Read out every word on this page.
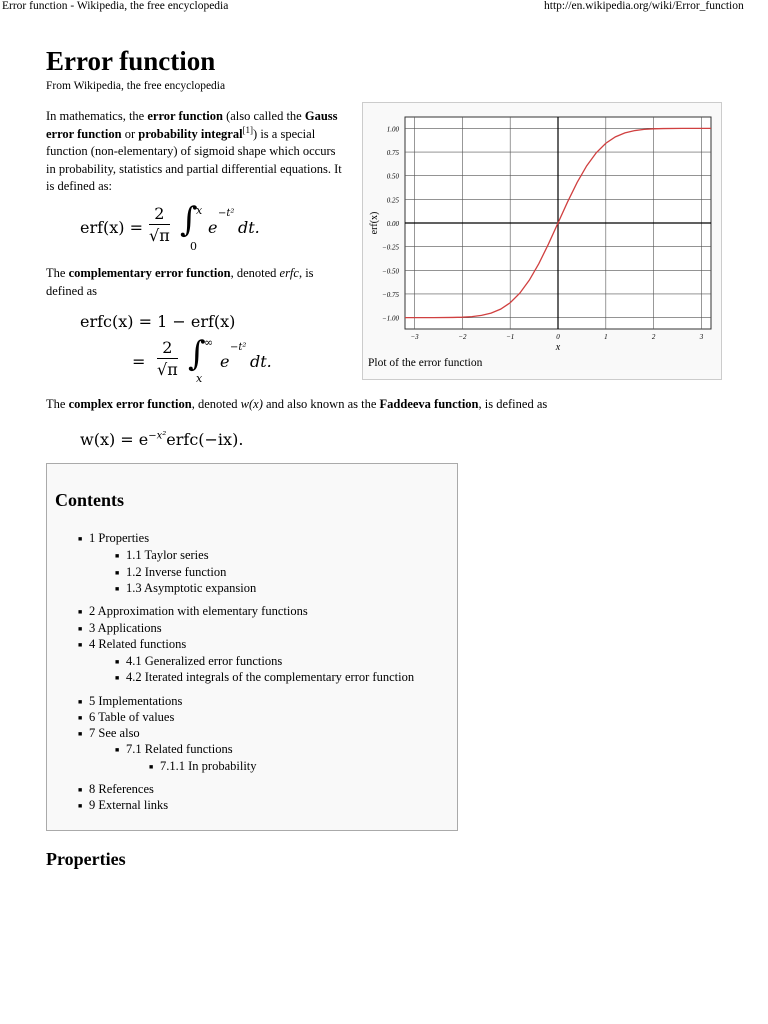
Error function - Wikipedia, the free encyclopedia	http://en.wikipedia.org/wiki/Error_function
Error function
From Wikipedia, the free encyclopedia
In mathematics, the error function (also called the Gauss error function or probability integral[1]) is a special function (non-elementary) of sigmoid shape which occurs in probability, statistics and partial differential equations. It is defined as:
$erf(x) = \frac{2}{√\pi}$ ∫
x
0
e
−t²
dt.
The complementary error function, denoted erfc, is defined as
erfc(x) = 1 − erf(x)
= $\frac{2}{√\pi}$ ∫
∞
x
e
−t²
dt.
−3	−2	−1	0	1	2	3
1.00
0.75
0.50
0.25
0.00
−0.25
−0.50
−0.75
−1.00
x
erf(x)
Plot of the error function
The complex error function, denoted w(x) and also known as the Faddeeva function, is defined as
$w(x) = e^{-x^2}erfc(-ix)$.
Contents
■ 1 Properties
■ 1.1 Taylor series
■ 1.2 Inverse function
■ 1.3 Asymptotic expansion
■ 2 Approximation with elementary functions
■ 3 Applications
■ 4 Related functions
■ 4.1 Generalized error functions
■ 4.2 Iterated integrals of the complementary error function
■ 5 Implementations
■ 6 Table of values
■ 7 See also
■ 7.1 Related functions
■ 7.1.1 In probability
■ 8 References
■ 9 External links
Properties
